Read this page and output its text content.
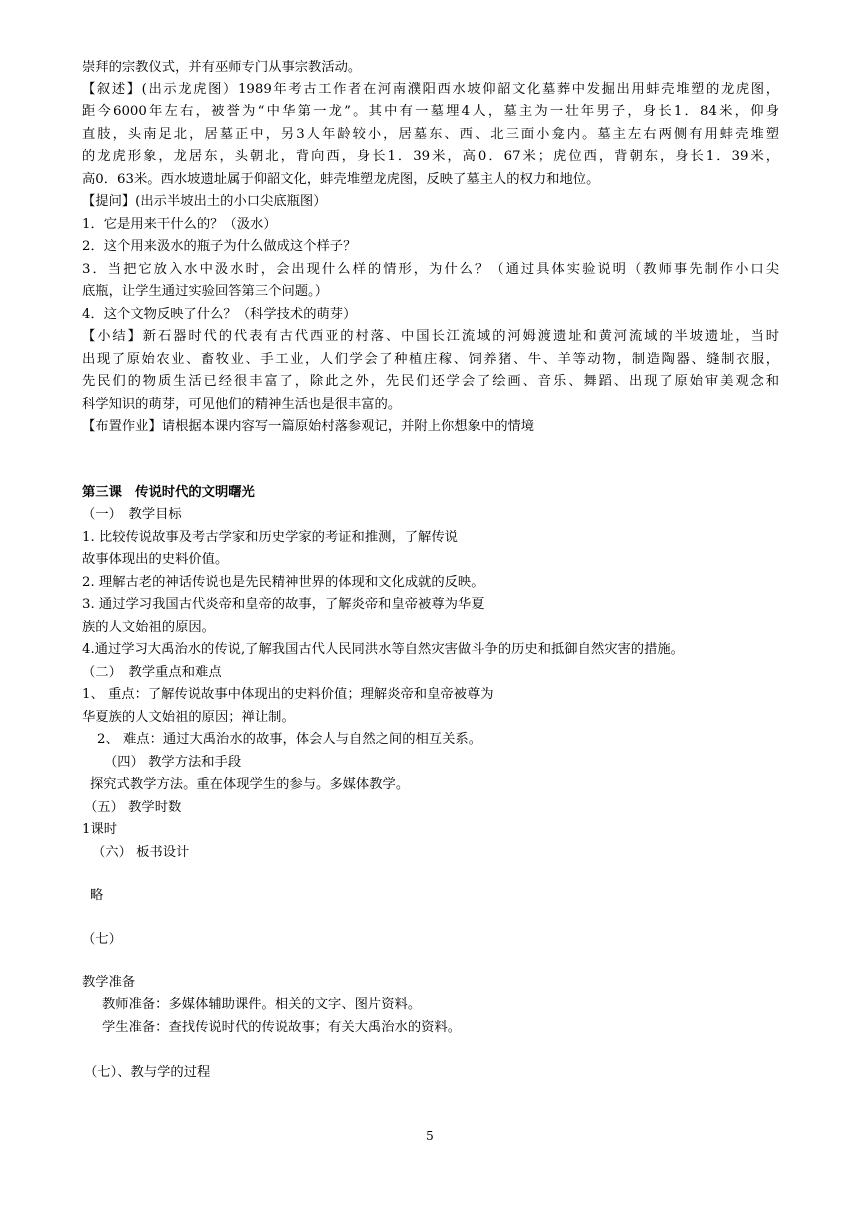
崇拜的宗教仪式，并有巫师专门从事宗教活动。
【叙述】(出示龙虎图）1989年考古工作者在河南濮阳西水坡仰韶文化墓葬中发掘出用蚌壳堆塑的龙虎图，
距今6000年左右，被誉为“中华第一龙”。其中有一墓埋4人，墓主为一壮年男子，身长1．84米，仰身
直肢，头南足北，居墓正中，另3人年龄较小，居墓东、西、北三面小龛内。墓主左右两侧有用蚌壳堆塑
的龙虎形象，龙居东，头朝北，背向西，身长1．39米，高0．67米；虎位西，背朝东，身长1．39米，
高0．63米。西水坡遗址属于仰韶文化，蚌壳堆塑龙虎图，反映了墓主人的权力和地位。
【提问】(出示半坡出土的小口尖底瓶图）
1．它是用来干什么的？（汲水）
2．这个用来汲水的瓶子为什么做成这个样子？
3．当把它放入水中汲水时，会出现什么样的情形，为什么？（通过具体实验说明（教师事先制作小口尖
底瓶，让学生通过实验回答第三个问题。）
4．这个文物反映了什么？（科学技术的萌芽）
【小结】新石器时代的代表有古代西亚的村落、中国长江流域的河姆渡遗址和黄河流域的半坡遗址，当时
出现了原始农业、畜牧业、手工业，人们学会了种植庄稼、饲养猪、牛、羊等动物，制造陶器、缝制衣服，
先民们的物质生活已经很丰富了，除此之外，先民们还学会了绘画、音乐、舞蹈、出现了原始审美观念和
科学知识的萌芽，可见他们的精神生活也是很丰富的。
【布置作业】请根据本课内容写一篇原始村落参观记，并附上你想象中的情境
第三课　传说时代的文明曙光
（一）　教学目标
1. 比较传说故事及考古学家和历史学家的考证和推测，了解传说
故事体现出的史料价值。
2. 理解古老的神话传说也是先民精神世界的体现和文化成就的反映。
3. 通过学习我国古代炎帝和皇帝的故事，了解炎帝和皇帝被尊为华夏
族的人文始祖的原因。
4.通过学习大禹治水的传说,了解我国古代人民同洪水等自然灾害做斗争的历史和抵御自然灾害的措施。
（二）　教学重点和难点
1、 重点：了解传说故事中体现出的史料价值；理解炎帝和皇帝被尊为
华夏族的人文始祖的原因；禅让制。
2、 难点：通过大禹治水的故事，体会人与自然之间的相互关系。
（四） 教学方法和手段
探究式教学方法。重在体现学生的参与。多媒体教学。
（五） 教学时数
1课时
（六） 板书设计
略
（七）
教学准备
教师准备：多媒体辅助课件。相关的文字、图片资料。
学生准备：查找传说时代的传说故事；有关大禹治水的资料。
（七）、教与学的过程
5
